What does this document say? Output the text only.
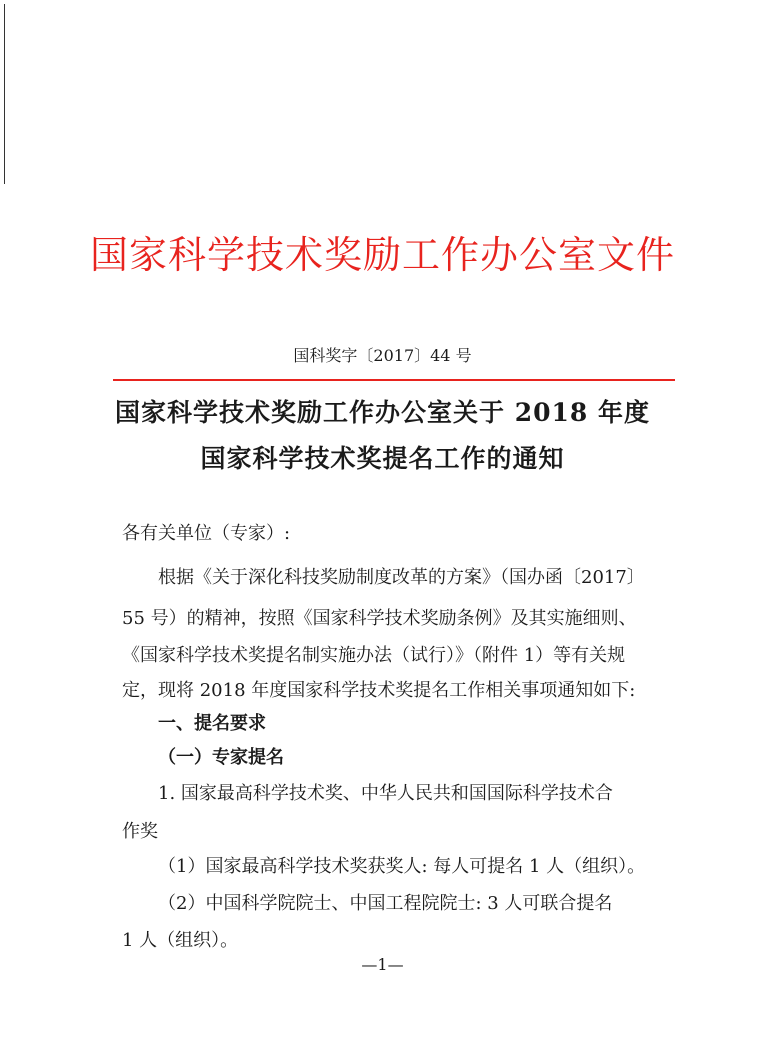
国家科学技术奖励工作办公室文件
国科奖字〔2017〕44 号
国家科学技术奖励工作办公室关于 2018 年度
国家科学技术奖提名工作的通知
各有关单位（专家）:
根据《关于深化科技奖励制度改革的方案》（国办函〔2017〕
55 号）的精神，按照《国家科学技术奖励条例》及其实施细则、
《国家科学技术奖提名制实施办法（试行）》（附件 1）等有关规
定，现将 2018 年度国家科学技术奖提名工作相关事项通知如下:
一、提名要求
（一）专家提名
1. 国家最高科学技术奖、中华人民共和国国际科学技术合
作奖
（1）国家最高科学技术奖获奖人: 每人可提名 1 人（组织）。
（2）中国科学院院士、中国工程院院士: 3 人可联合提名
1 人（组织）。
—1—
